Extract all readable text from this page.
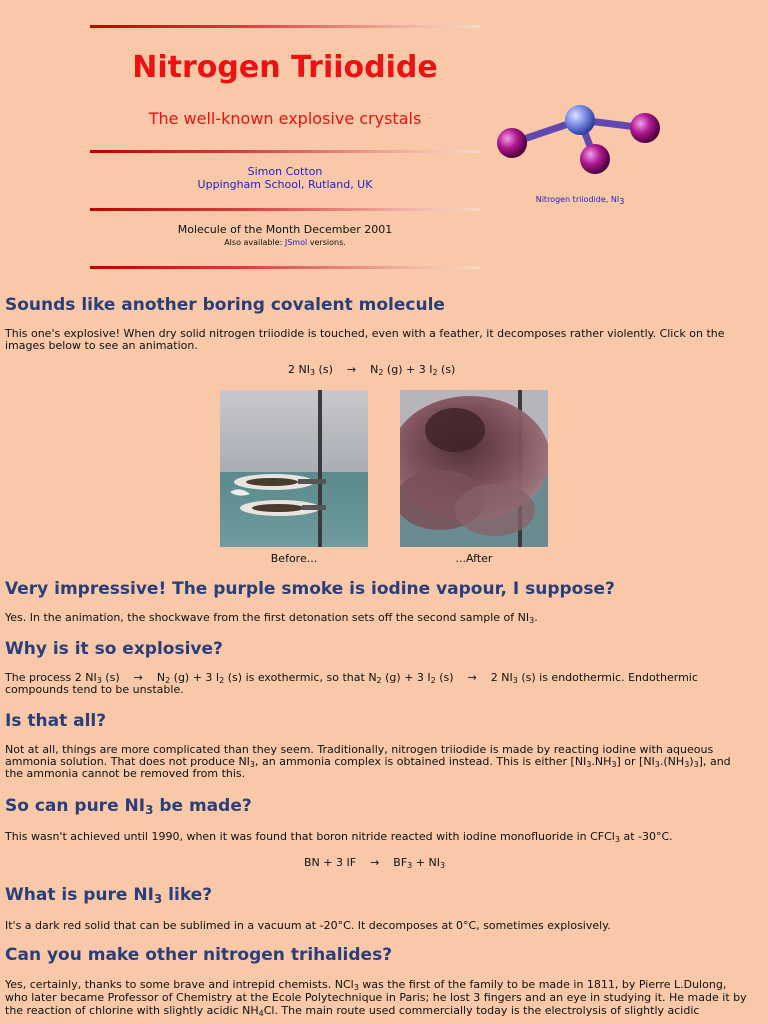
Nitrogen Triiodide
The well-known explosive crystals
Simon Cotton
Uppingham School, Rutland, UK
Molecule of the Month December 2001
Also available: JSmol versions.
Nitrogen triiodide, $NI_3$
Sounds like another boring covalent molecule

This one's explosive! When dry solid nitrogen triiodide is touched, even with a feather, it decomposes rather violently. Click on the images below to see an animation.

2 $NI_3$ $(s) \to N_2$ (g) + 3 $I_2$ (s)
Before...	...After
Very impressive! The purple smoke is iodine vapour, I suppose?

Yes. In the animation, the shockwave from the first detonation sets off the second sample of $NI_3$.

Why is it so explosive?

The process 2 $NI_3$ $(s) \to N_2$ (g) + 3 $I_2$ (s) is exothermic, so that $N_2$ (g) + 3 $I_2$ (s) → 2 $NI_3$ (s) is endothermic. Endothermic
compounds tend to be unstable.

Is that all?

Not at all, things are more complicated than they seem. Traditionally, nitrogen triiodide is made by reacting iodine with aqueous
ammonia solution. That does not produce $NI_3$, an ammonia complex is obtained instead. This is either $[NI_3.NH_3]$ or $[NI_3.(NH_3)_3]$, and
the ammonia cannot be removed from this.

So can pure $NI_3$ be made?

This wasn't achieved until 1990, when it was found that boron nitride reacted with iodine monofluoride in CFCl$_3$ at -30°C.

BN + 3 IF → $BF_3 + NI_3$
What is pure $NI_3$ like?

It's a dark red solid that can be sublimed in a vacuum at -20°C. It decomposes at 0°C, sometimes explosively.

Can you make other nitrogen trihalides?

Yes, certainly, thanks to some brave and intrepid chemists. NCl$_3$ was the first of the family to be made in 1811, by Pierre L.Dulong,
who later became Professor of Chemistry at the Ecole Polytechnique in Paris; he lost 3 fingers and an eye in studying it. He made it by
the reaction of chlorine with slightly acidic $NH_4Cl$. The main route used commercially today is the electrolysis of slightly acidic
